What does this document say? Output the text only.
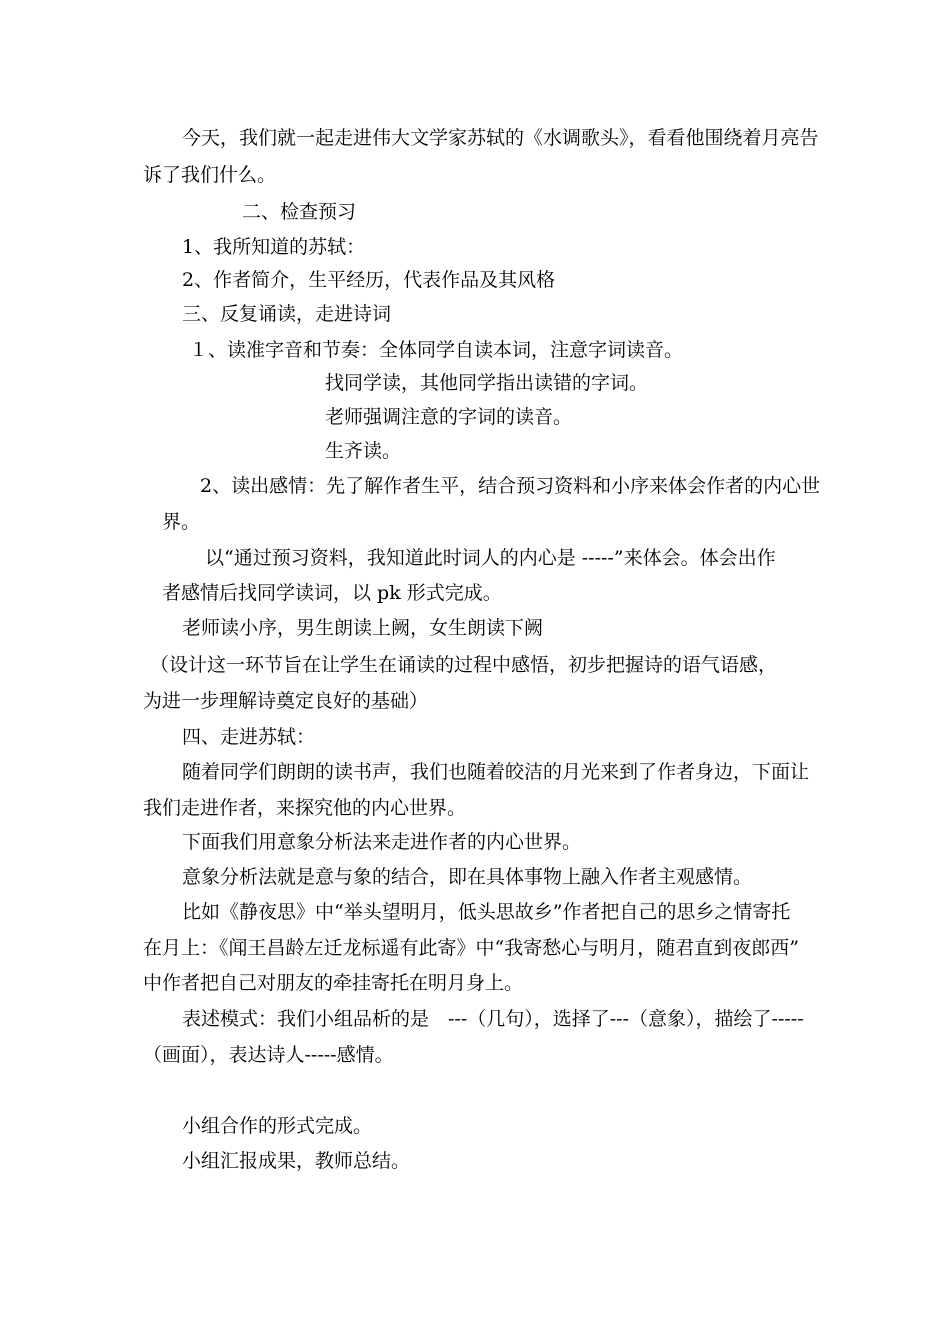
今天，我们就一起走进伟大文学家苏轼的《水调歌头》，看看他围绕着月亮告
诉了我们什么。
二、检查预习
1、我所知道的苏轼：
2、作者简介，生平经历，代表作品及其风格
三、反复诵读，走进诗词
１、读准字音和节奏：全体同学自读本词，注意字词读音。
找同学读，其他同学指出读错的字词。
老师强调注意的字词的读音。
生齐读。
2、读出感情：先了解作者生平，结合预习资料和小序来体会作者的内心世
界。
以“通过预习资料，我知道此时词人的内心是 -----”来体会。体会出作
者感情后找同学读词，以 pk 形式完成。
老师读小序，男生朗读上阙，女生朗读下阙
（设计这一环节旨在让学生在诵读的过程中感悟，初步把握诗的语气语感，
为进一步理解诗奠定良好的基础）
四、走进苏轼：
随着同学们朗朗的读书声，我们也随着皎洁的月光来到了作者身边，下面让
我们走进作者，来探究他的内心世界。
下面我们用意象分析法来走进作者的内心世界。
意象分析法就是意与象的结合，即在具体事物上融入作者主观感情。
比如《静夜思》中“举头望明月，低头思故乡”作者把自己的思乡之情寄托
在月上：《闻王昌龄左迁龙标遥有此寄》中“我寄愁心与明月，随君直到夜郎西”
中作者把自己对朋友的牵挂寄托在明月身上。
表述模式：我们小组品析的是　---（几句），选择了---（意象），描绘了-----
（画面），表达诗人-----感情。
小组合作的形式完成。
小组汇报成果，教师总结。
